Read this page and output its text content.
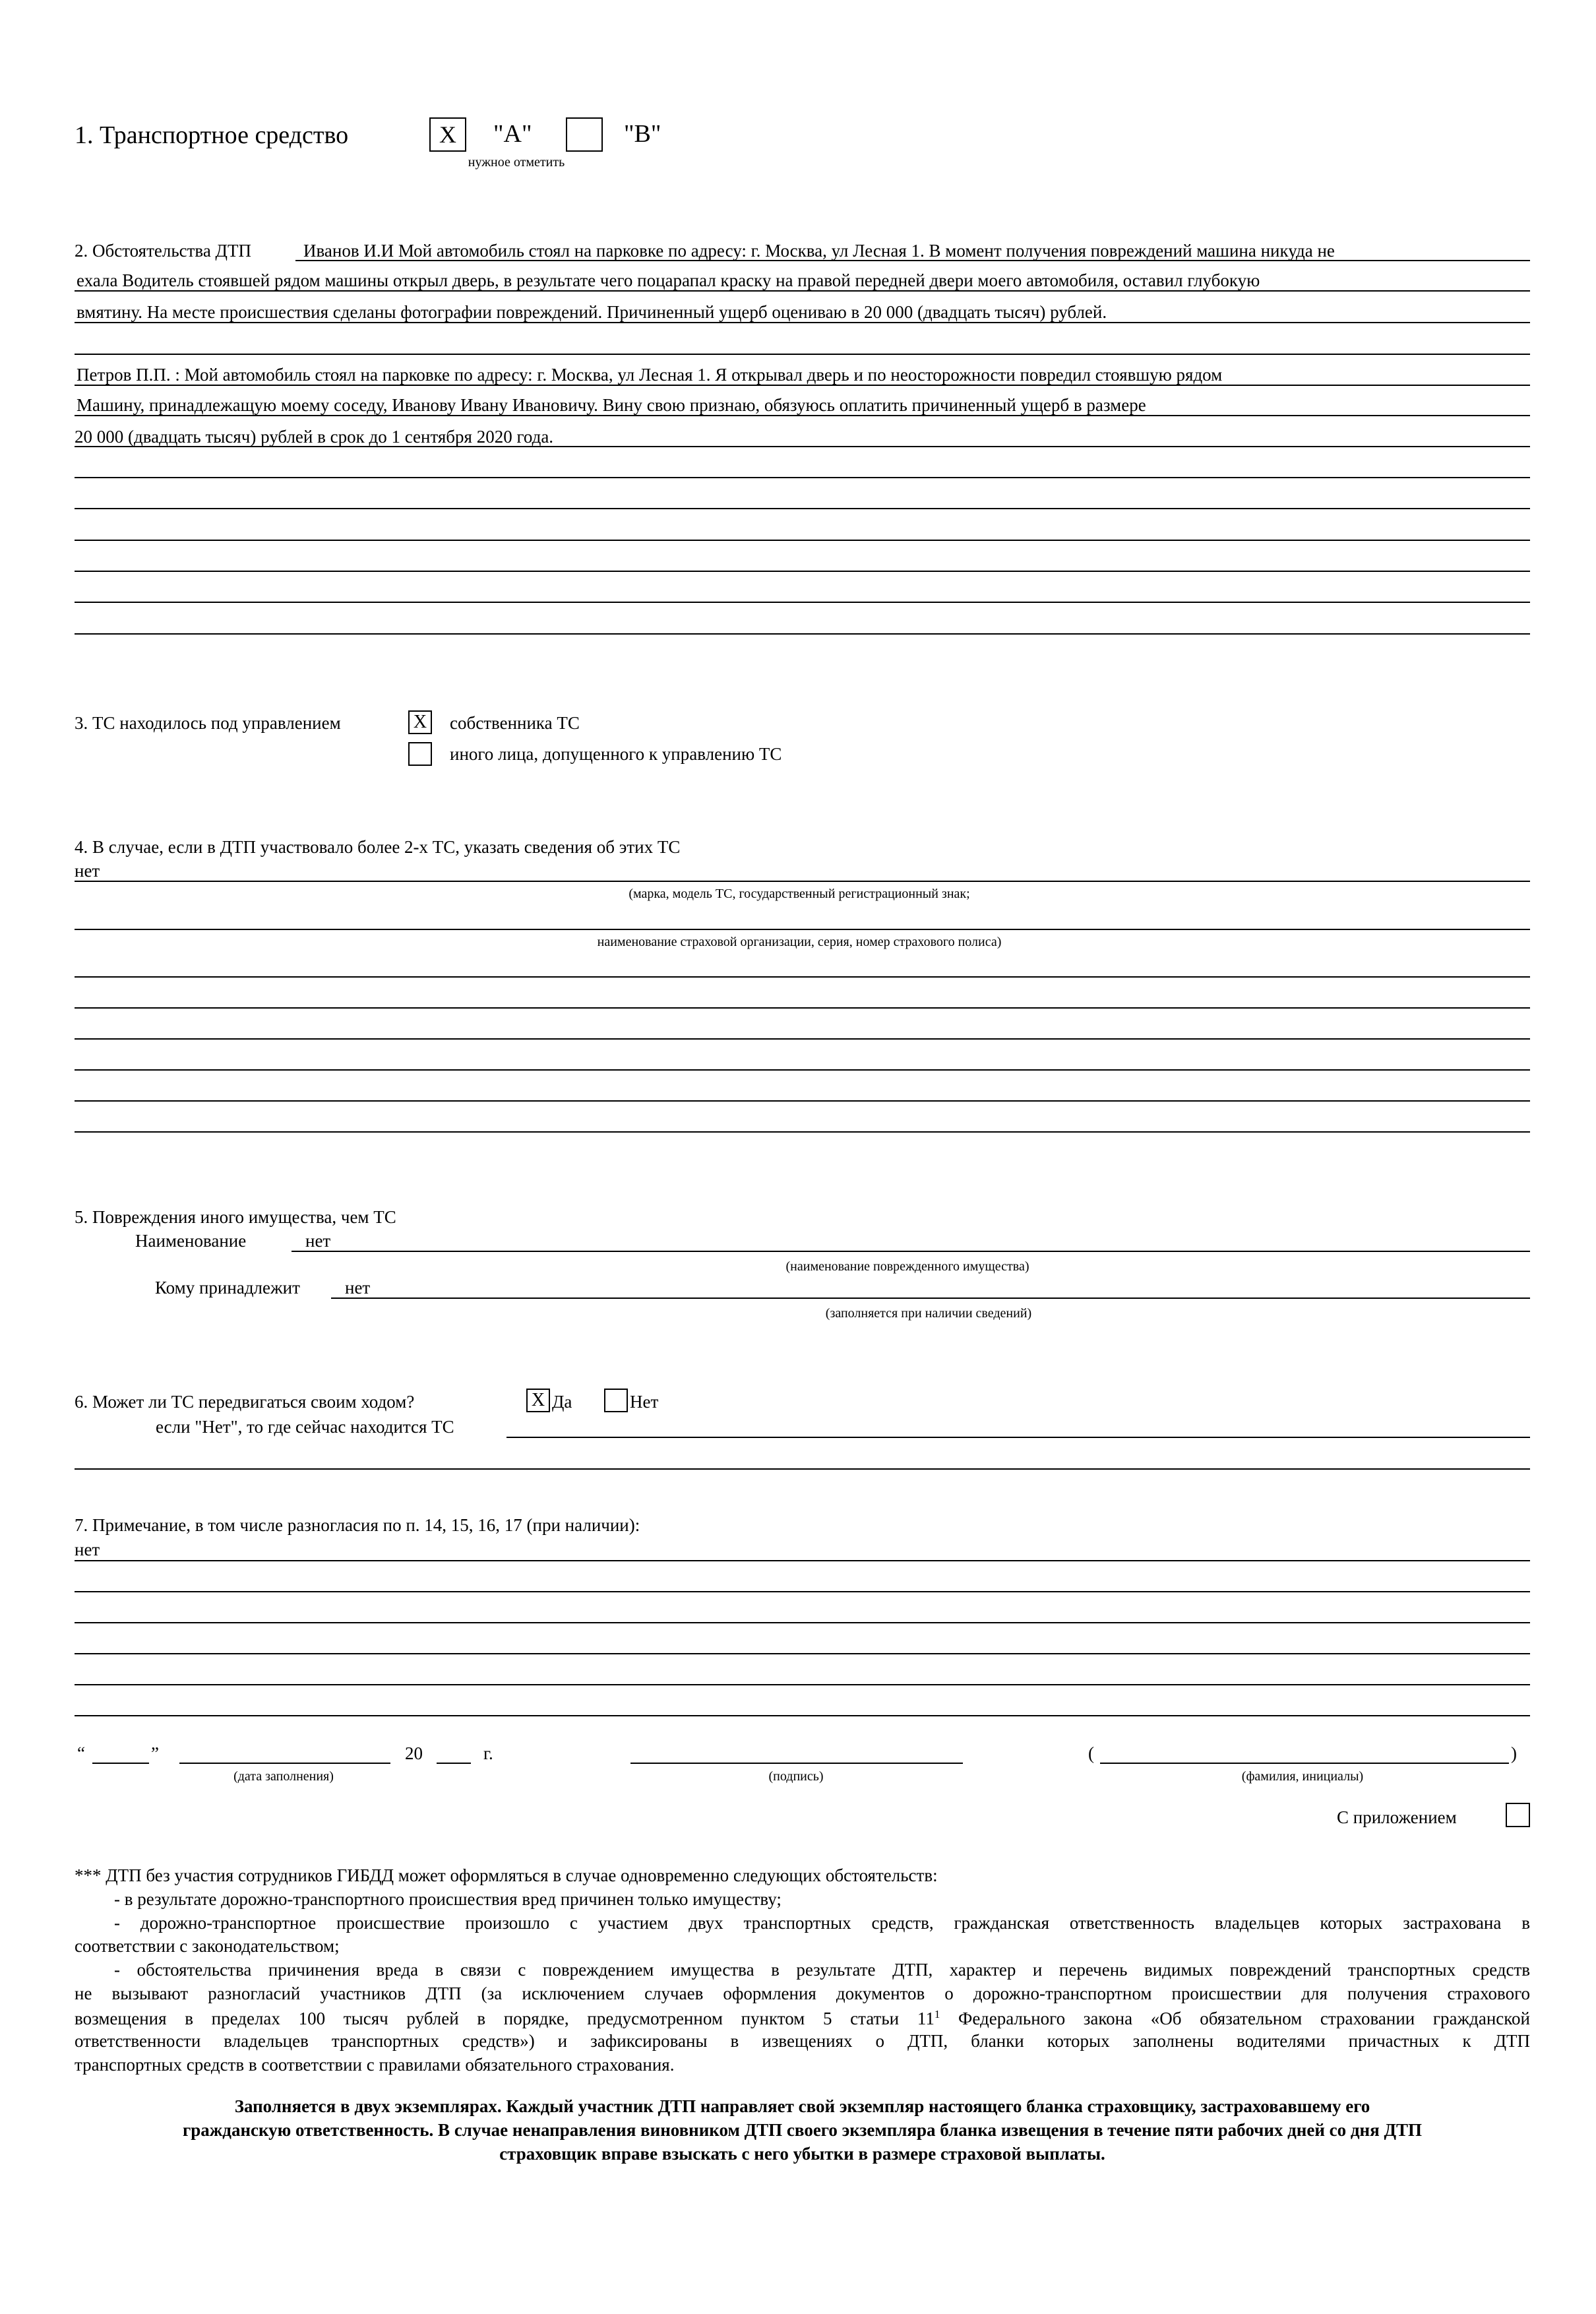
1. Транспортное средство	X	"А"	"В"
нужное отметить
2. Обстоятельства ДТП	Иванов И.И Мой автомобиль стоял на парковке по адресу: г. Москва, ул Лесная 1. В момент получения повреждений машина никуда не
ехала Водитель стоявшей рядом машины открыл дверь, в результате чего поцарапал краску на правой передней двери моего автомобиля, оставил глубокую
вмятину. На месте происшествия сделаны фотографии повреждений. Причиненный ущерб оцениваю в 20 000 (двадцать тысяч) рублей.
Петров П.П. : Мой автомобиль стоял на парковке по адресу: г. Москва, ул Лесная 1. Я открывал дверь и по неосторожности повредил стоявшую рядом
Машину, принадлежащую моему соседу, Иванову Ивану Ивановичу. Вину свою признаю, обязуюсь оплатить причиненный ущерб в размере
20 000 (двадцать тысяч) рублей в срок до 1 сентября 2020 года.
3. ТС находилось под управлением	X собственника ТС
иного лица, допущенного к управлению ТС
4. В случае, если в ДТП участвовало более 2-х ТС, указать сведения об этих ТС
нет
(марка, модель ТС, государственный регистрационный знак;
наименование страховой организации, серия, номер страхового полиса)
5. Повреждения иного имущества, чем ТС
Наименование	нет
(наименование поврежденного имущества)
Кому принадлежит	нет
(заполняется при наличии сведений)
6. Может ли ТС передвигаться своим ходом?	X Да	Нет
если "Нет", то где сейчас находится ТС
7. Примечание, в том числе разногласия по п. 14, 15, 16, 17 (при наличии):
нет
“	”	20	г.
(дата заполнения)	(подпись)
(	)
(фамилия, инициалы)
С приложением
*** ДТП без участия сотрудников ГИБДД может оформляться в случае одновременно следующих обстоятельств:
- в результате дорожно-транспортного происшествия вред причинен только имуществу;
- дорожно-транспортное происшествие произошло с участием двух транспортных средств, гражданская ответственность владельцев которых застрахована в
соответствии с законодательством;
- обстоятельства причинения вреда в связи с повреждением имущества в результате ДТП, характер и перечень видимых повреждений транспортных средств
не вызывают разногласий участников ДТП (за исключением случаев оформления документов о дорожно-транспортном происшествии для получения страхового
возмещения в пределах 100 тысяч рублей в порядке, предусмотренном пунктом 5 статьи $11^1$ Федерального закона «Об обязательном страховании гражданской
ответственности владельцев транспортных средств») и зафиксированы в извещениях о ДТП, бланки которых заполнены водителями причастных к ДТП
транспортных средств в соответствии с правилами обязательного страхования.
Заполняется в двух экземплярах. Каждый участник ДТП направляет свой экземпляр настоящего бланка страховщику, застраховавшему его
гражданскую ответственность. В случае ненаправления виновником ДТП своего экземпляра бланка извещения в течение пяти рабочих дней со дня ДТП
страховщик вправе взыскать с него убытки в размере страховой выплаты.
